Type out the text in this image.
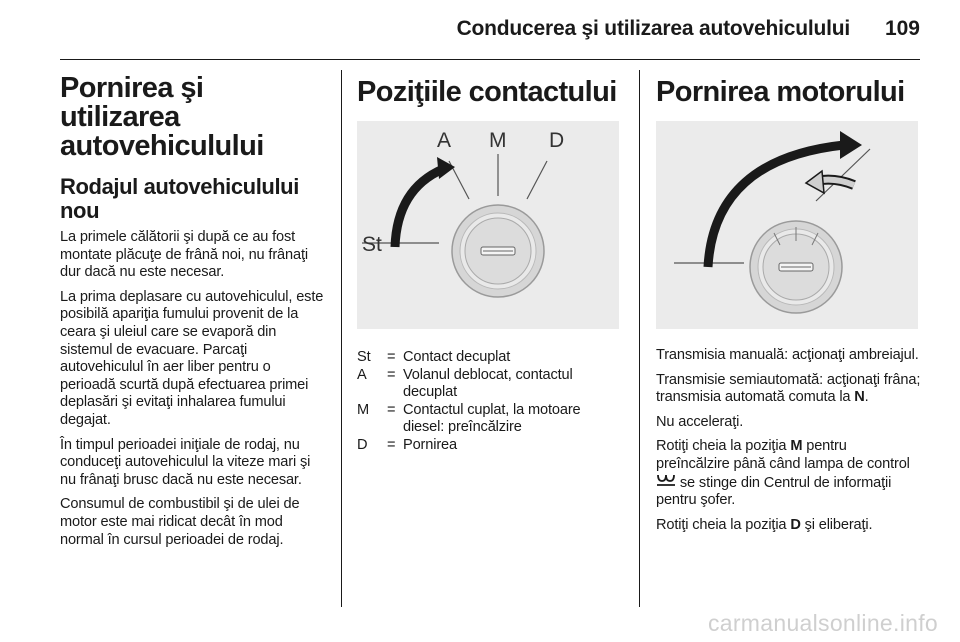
Conducerea şi utilizarea autovehiculului 109
Pornirea şi utilizarea autovehiculului
Rodajul autovehiculului nou

La primele călătorii şi după ce au fost montate plăcuţe de frână noi, nu frânaţi dur dacă nu este necesar.

La prima deplasare cu autovehiculul, este posibilă apariţia fumului provenit de la ceara şi uleiul care se evaporă din sistemul de evacuare. Parcaţi autovehiculul în aer liber pentru o perioadă scurtă după efectuarea primei deplasări şi evitaţi inhalarea fumului degajat.

În timpul perioadei iniţiale de rodaj, nu conduceţi autovehiculul la viteze mari şi nu frânaţi brusc dacă nu este necesar.

Consumul de combustibil şi de ulei de motor este mai ridicat decât în mod normal în cursul perioadei de rodaj.

Poziţiile contactului
St
A M D
St	= Contact decuplat
A	= Volanul deblocat, contactul decuplat
M	= Contactul cuplat, la motoare diesel: preîncălzire
D	= Pornirea
Pornirea motorului

Transmisia manuală: acţionaţi ambreiajul.

Transmisie semiautomată: acţionaţi frâna; transmisia automată comuta la N.

Nu acceleraţi.

Rotiţi cheia la poziţia M pentru preîncălzire până când lampa de control  se stinge din Centrul de informaţii pentru şofer.

Rotiţi cheia la poziţia D şi eliberaţi.

carmanualsonline.info
